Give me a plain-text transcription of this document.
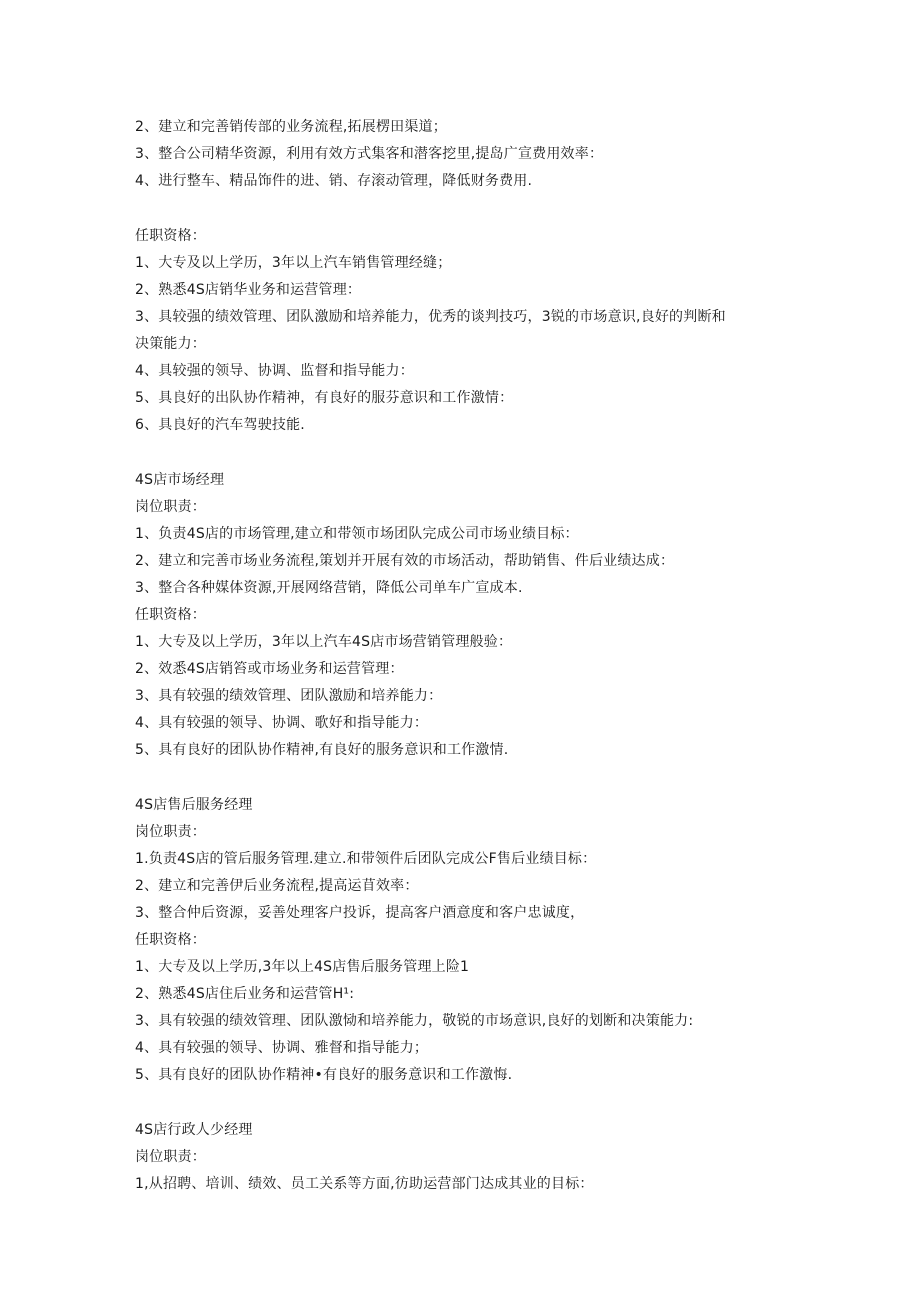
2、建立和完善销传部的业务流程,拓展楞田渠道；
3、整合公司精华资源，利用有效方式集客和潜客挖里,提岛广宣费用效率：
4、进行整车、精品饰件的进、销、存滚动管理，降低财务费用.
任职资格：
1、大专及以上学历，3年以上汽车销售管理经缝；
2、熟悉4S店销华业务和运营管理：
3、具较强的绩效管理、团队激励和培养能力，优秀的谈判技巧，3锐的市场意识,良好的判断和
决策能力：
4、具较强的领导、协调、监督和指导能力：
5、具良好的出队协作精神，有良好的服芬意识和工作激情：
6、具良好的汽车驾驶技能.
4S店市场经理
岗位职责：
1、负责4S店的市场管理,建立和带领市场团队完成公司市场业绩目标：
2、建立和完善市场业务流程,策划并开展有效的市场活动，帮助销售、件后业绩达成：
3、整合各种媒体资源,开展网络营销，降低公司单车广宣成本.
任职资格：
1、大专及以上学历，3年以上汽车4S店市场营销管理般验：
2、效悉4S店销笞或市场业务和运营管理：
3、具有较强的绩效管理、团队激励和培养能力：
4、具有较强的领导、协调、歌好和指导能力：
5、具有良好的团队协作精神,有良好的服务意识和工作激情.
4S店售后服务经理
岗位职责：
1.负责4S店的管后服务管理.建立.和带领件后团队完成公F售后业绩目标：
2、建立和完善伊后业务流程,提高运苜效率：
3、整合仲后资源，妥善处理客户投诉，提高客户酒意度和客户忠诚度，
任职资格：
1、大专及以上学历,3年以上4S店售后服务管理上险1
2、熟悉4S店住后业务和运营管H¹:
3、具有较强的绩效管理、团队激恸和培养能力，敬锐的市场意识,良好的划断和决策能力:
4、具有较强的领导、协调、雅督和指导能力；
5、具有良好的团队协作精神•有良好的服务意识和工作激悔.
4S店行政人少经理
岗位职责：
1,从招聘、培训、绩效、员工关系等方面,彷助运营部门达成其业的目标：
